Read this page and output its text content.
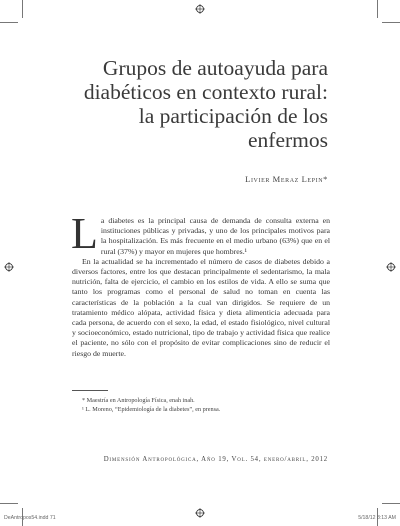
Grupos de autoayuda para
diabéticos en contexto rural:
la participación de los
enfermos
Livier Meraz Lepin*

La diabetes es la principal causa de demanda de consulta externa en instituciones públicas y privadas, y uno de los principales motivos para la hospitalización. Es más frecuente en el medio urbano (63%) que en el rural (37%) y mayor en mujeres que hombres.¹

En la actualidad se ha incrementado el número de casos de diabetes debido a diversos factores, entre los que destacan principalmente el sedentarismo, la mala nutrición, falta de ejercicio, el cambio en los estilos de vida. A ello se suma que tanto los programas como el personal de salud no toman en cuenta las características de la población a la cual van dirigidos. Se requiere de un tratamiento médico alópata, actividad física y dieta alimenticia adecuada para cada persona, de acuerdo con el sexo, la edad, el estado fisiológico, nivel cultural y socioeconómico, estado nutricional, tipo de trabajo y actividad física que realice el paciente, no sólo con el propósito de evitar complicaciones sino de reducir el riesgo de muerte.

* Maestría en Antropología Física, enah inah.
¹ L. Moreno, “Epidemiología de la diabetes”, en prensa.
Dimensión Antropológica, Año 19, Vol. 54, enero/abril, 2012
DeAntropos54.indd 71	5/18/12 8:13 AM
